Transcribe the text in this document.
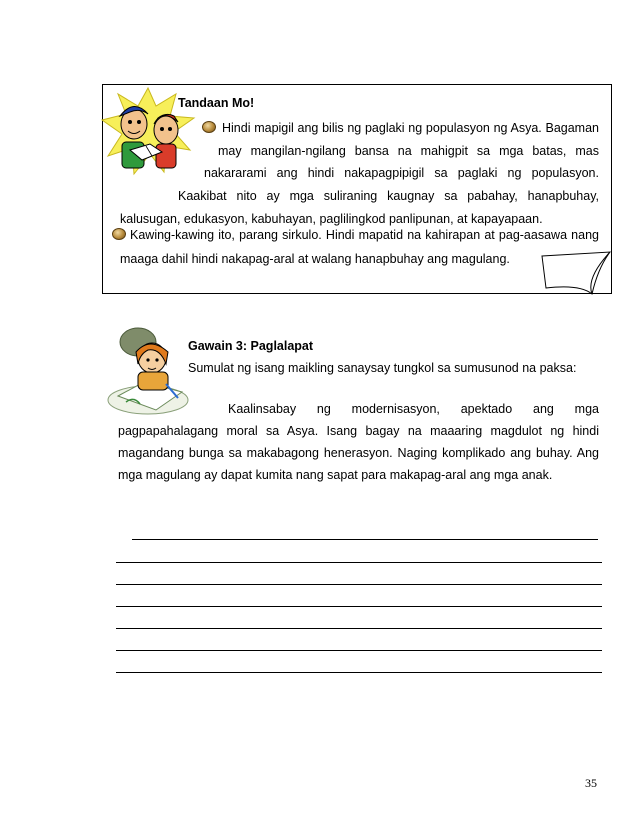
Tandaan Mo!
Hindi mapigil ang bilis ng paglaki ng populasyon ng Asya. Bagaman
may mangilan-ngilang bansa na mahigpit sa mga batas, mas
nakararami ang hindi nakapagpipigil sa paglaki ng populasyon.
Kaakibat nito ay mga suliraning kaugnay sa pabahay, hanapbuhay,
kalusugan, edukasyon, kabuhayan, paglilingkod panlipunan, at kapayapaan.
Kawing-kawing ito, parang sirkulo. Hindi mapatid na kahirapan at pag-aasawa nang
maaga dahil hindi nakapag-aral at walang hanapbuhay ang magulang.
Gawain 3: Paglalapat
Sumulat ng isang maikling sanaysay tungkol sa sumusunod na paksa:
Kaalinsabay ng modernisasyon, apektado ang mga
pagpapahalagang moral sa Asya. Isang bagay na maaaring magdulot ng hindi
magandang bunga sa makabagong henerasyon. Naging komplikado ang buhay. Ang
mga magulang ay dapat kumita nang sapat para makapag-aral ang mga anak.
35
